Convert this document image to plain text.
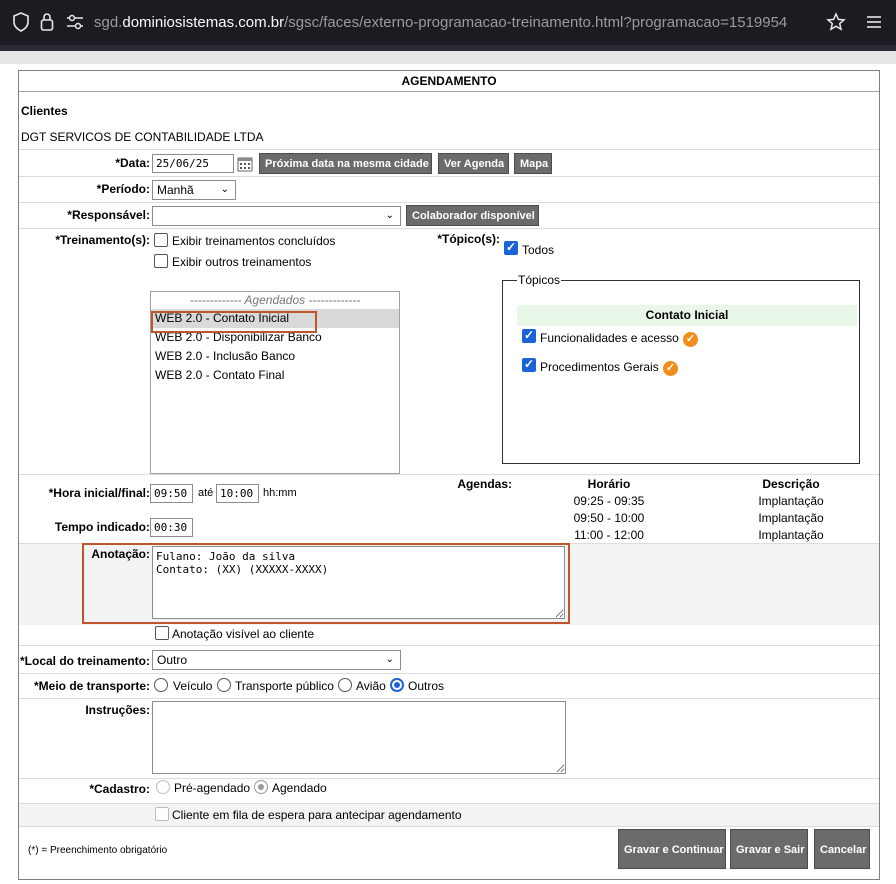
sgd.dominiosistemas.com.br/sgsc/faces/externo-programacao-treinamento.html?programacao=1519954
AGENDAMENTO
Clientes
DGT SERVICOS DE CONTABILIDADE LTDA
*Data:
25/06/25	Próxima data na mesma cidade	Ver Agenda	Mapa
*Período: Manhã	⌄
*Responsável:	⌄	Colaborador disponível
*Treinamento(s): Exibir treinamentos concluídos
Exibir outros treinamentos
*Tópico(s):
✓
Todos
------------- Agendados -------------
WEB 2.0 - Contato Inicial
WEB 2.0 - Disponibilizar Banco
WEB 2.0 - Inclusão Banco
WEB 2.0 - Contato Final
Tópicos
Contato Inicial
✓
Funcionalidades e acesso ✓
✓
Procedimentos Gerais ✓
*Hora inicial/final:
09:50	até
10:00	hh:mm
Agendas:	Horário	Descrição
09:25 - 09:35	Implantação
09:50 - 10:00	Implantação
11:00 - 12:00	Implantação
Tempo indicado:
00:30
Anotação:
Fulano: João da silva Contato: (XX) (XXXXX-XXXX)
Anotação visível ao cliente
*Local do treinamento: Outro	⌄
*Meio de transporte: Veículo Transporte público Avião Outros
Instruções:
*Cadastro: Pré-agendado Agendado
Cliente em fila de espera para antecipar agendamento
(*) = Preenchimento obrigatório	Gravar e Continuar	Gravar e Sair	Cancelar
